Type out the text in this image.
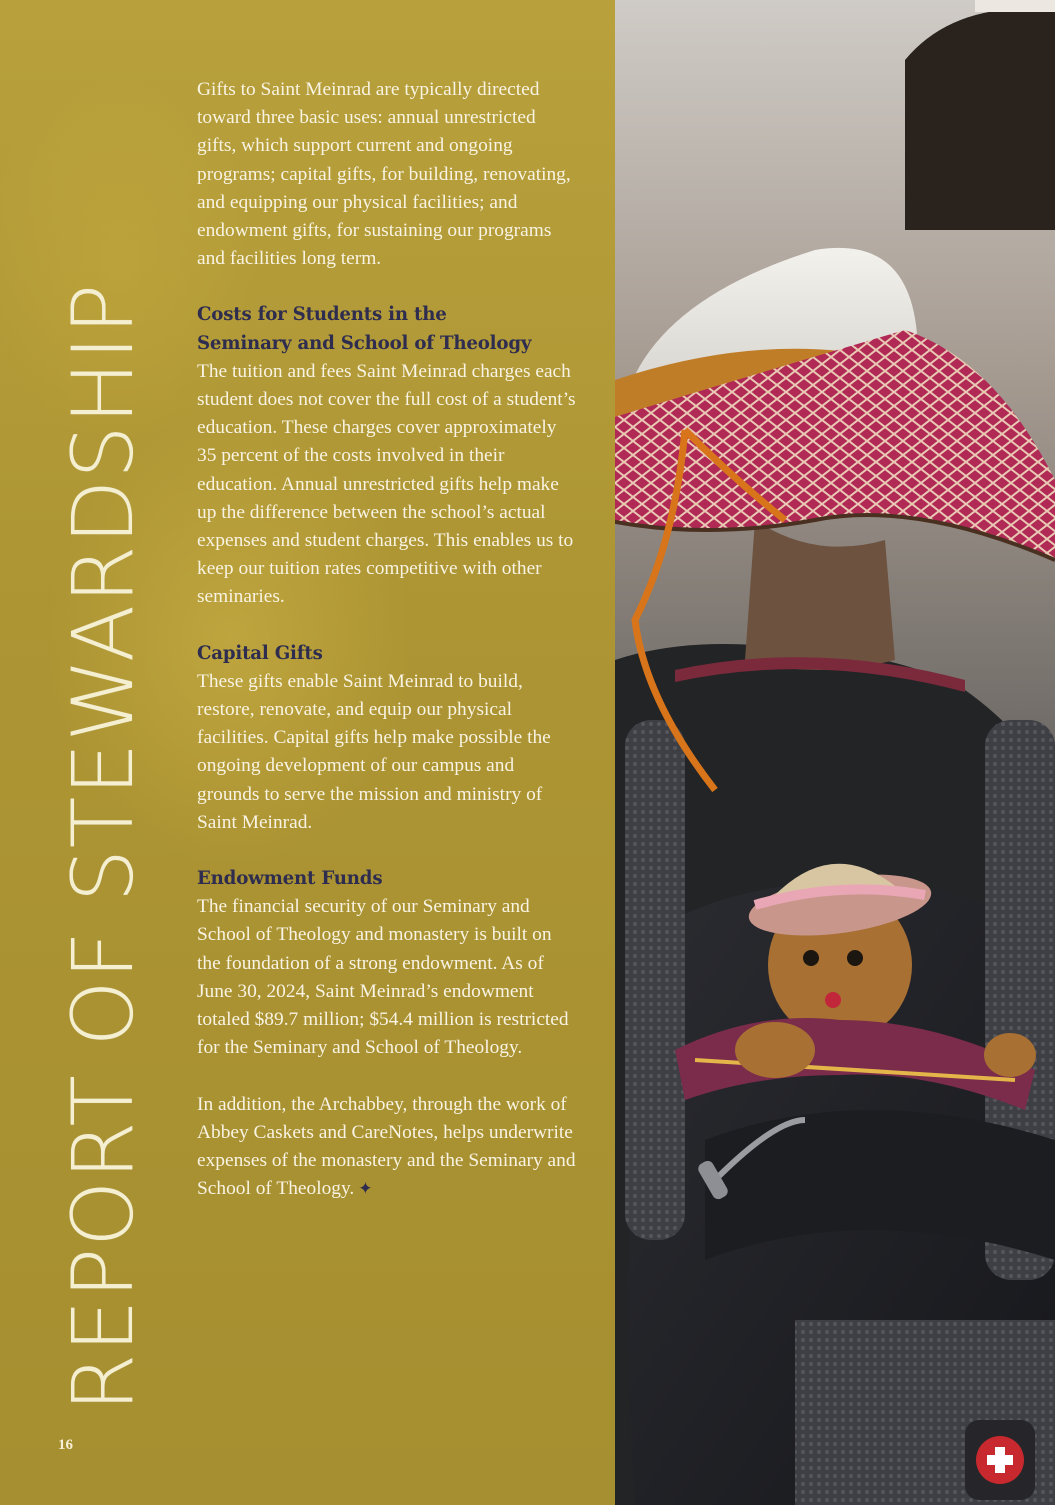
REPORT OF STEWARDSHIP

Gifts to Saint Meinrad are typically directed toward three basic uses: annual unrestricted gifts, which support current and ongoing programs; capital gifts, for building, renovating, and equipping our physical facilities; and endowment gifts, for sustaining our programs and facilities long term.

Costs for Students in the
Seminary and School of Theology

The tuition and fees Saint Meinrad charges each student does not cover the full cost of a student’s education. These charges cover approximately 35 percent of the costs involved in their education. Annual unrestricted gifts help make up the difference between the school’s actual expenses and student charges. This enables us to keep our tuition rates competitive with other seminaries.

Capital Gifts

These gifts enable Saint Meinrad to build, restore, renovate, and equip our physical facilities. Capital gifts help make possible the ongoing development of our campus and grounds to serve the mission and ministry of Saint Meinrad.

Endowment Funds

The financial security of our Seminary and School of Theology and monastery is built on the foundation of a strong endowment. As of June 30, 2024, Saint Meinrad’s endowment totaled $89.7 million; $54.4 million is restricted for the Seminary and School of Theology.

In addition, the Archabbey, through the work of Abbey Caskets and CareNotes, helps underwrite expenses of the monastery and the Seminary and School of Theology. ✦

16
